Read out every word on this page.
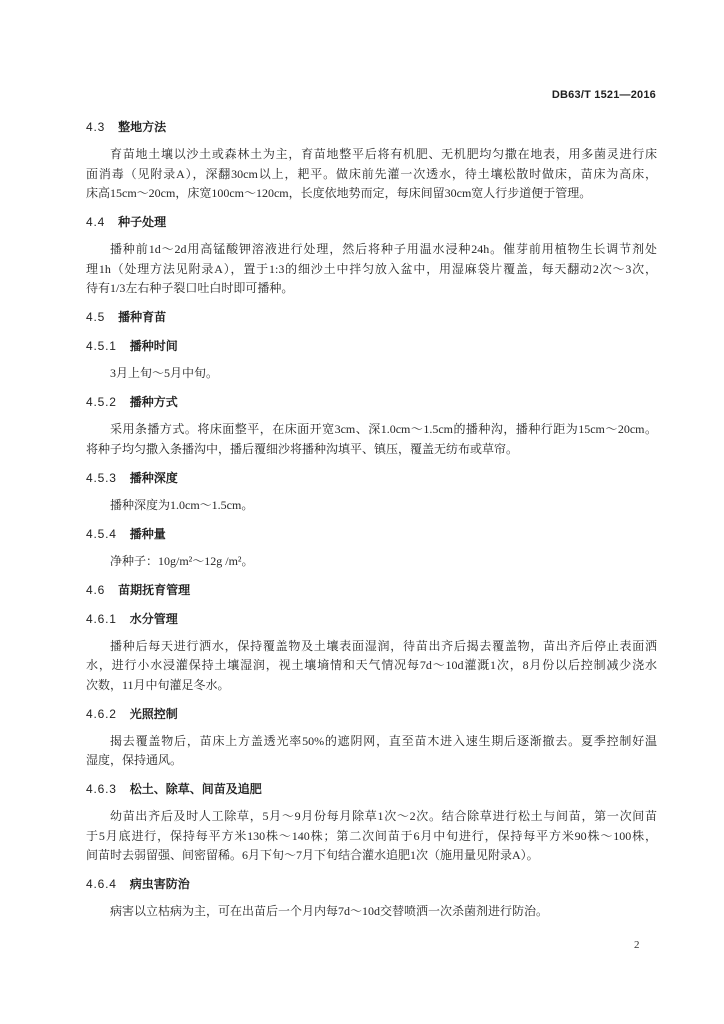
DB63/T 1521—2016
4.3 整地方法
育苗地土壤以沙土或森林土为主，育苗地整平后将有机肥、无机肥均匀撒在地表，用多菌灵进行床
面消毒（见附录A），深翻30cm以上，耙平。做床前先灌一次透水，待土壤松散时做床，苗床为高床，
床高15cm～20cm，床宽100cm～120cm，长度依地势而定，每床间留30cm宽人行步道便于管理。
4.4 种子处理
播种前1d～2d用高锰酸钾溶液进行处理，然后将种子用温水浸种24h。催芽前用植物生长调节剂处
理1h（处理方法见附录A），置于1:3的细沙土中拌匀放入盆中，用湿麻袋片覆盖，每天翻动2次～3次，
待有1/3左右种子裂口吐白时即可播种。
4.5 播种育苗
4.5.1 播种时间
3月上旬～5月中旬。
4.5.2 播种方式
采用条播方式。将床面整平，在床面开宽3cm、深1.0cm～1.5cm的播种沟，播种行距为15cm～20cm。
将种子均匀撒入条播沟中，播后覆细沙将播种沟填平、镇压，覆盖无纺布或草帘。
4.5.3 播种深度
播种深度为1.0cm～1.5cm。
4.5.4 播种量
净种子：10g/m²～12g /m²。
4.6 苗期抚育管理
4.6.1 水分管理
播种后每天进行洒水，保持覆盖物及土壤表面湿润，待苗出齐后揭去覆盖物，苗出齐后停止表面洒
水，进行小水浸灌保持土壤湿润，视土壤墒情和天气情况每7d～10d灌溉1次，8月份以后控制减少浇水
次数，11月中旬灌足冬水。
4.6.2 光照控制
揭去覆盖物后，苗床上方盖透光率50%的遮阴网，直至苗木进入速生期后逐渐撤去。夏季控制好温
湿度，保持通风。
4.6.3 松土、除草、间苗及追肥
幼苗出齐后及时人工除草，5月～9月份每月除草1次～2次。结合除草进行松土与间苗，第一次间苗
于5月底进行，保持每平方米130株～140株；第二次间苗于6月中旬进行，保持每平方米90株～100株，
间苗时去弱留强、间密留稀。6月下旬～7月下旬结合灌水追肥1次（施用量见附录A）。
4.6.4 病虫害防治
病害以立枯病为主，可在出苗后一个月内每7d～10d交替喷洒一次杀菌剂进行防治。
2
